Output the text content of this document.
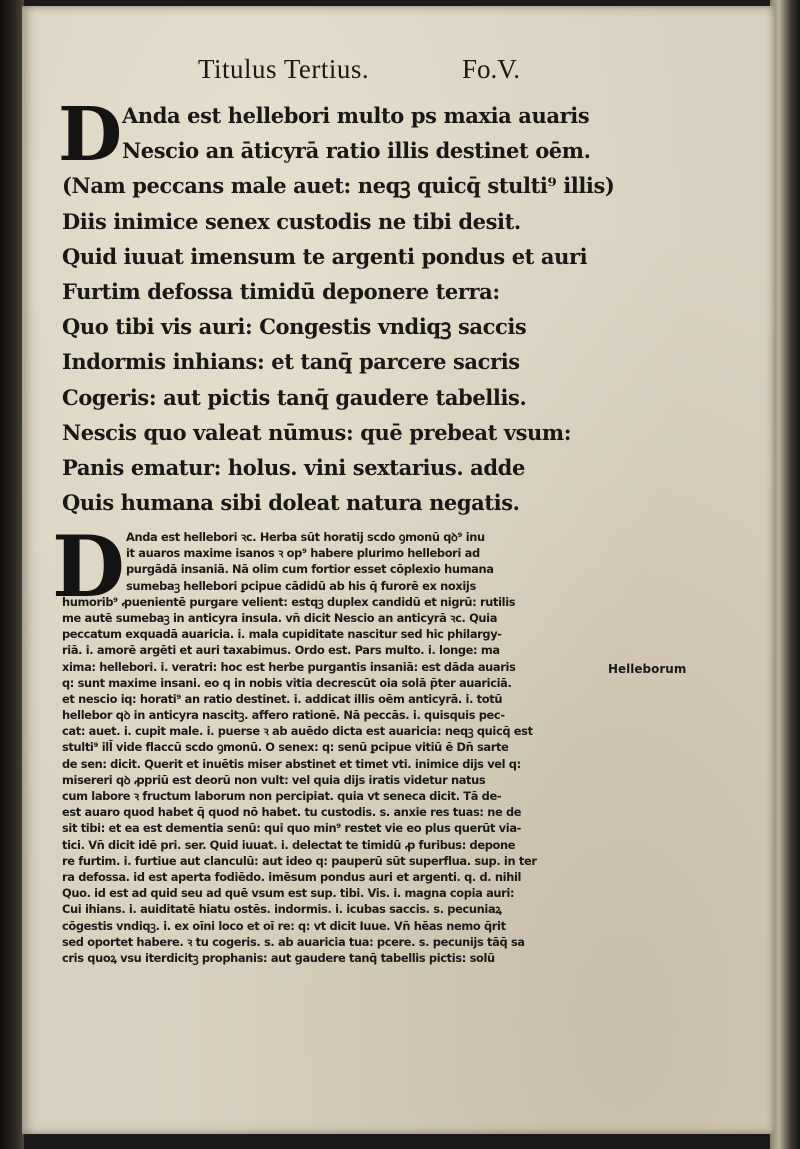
Titulus Tertius.	Fo.V.
D Anda est hellebori multo ps maxia auaris
Nescio an āticyrā ratio illis destinet oēm.
(Nam peccans male auet: neqꝫ quicq̄ stulti⁹ illis)
Diis inimice senex custodis ne tibi desit.
Quid iuuat imensum te argenti pondus et auri
Furtim defossa timidū deponere terra:
Quo tibi vis auri: Congestis vndiqꝫ saccis
Indormis inhians: et tanq̄ parcere sacris
Cogeris: aut pictis tanq̄ gaudere tabellis.
Nescis quo valeat nūmus: quē prebeat vsum:
Panis ematur: holus. vini sextarius. adde
Quis humana sibi doleat natura negatis.
D Anda est hellebori ꝛc. Herba sūt horatij scdo ꝯmonū qꝺ⁹ inu
it auaros maxime isanos ꝛ op⁹ habere plurimo hellebori ad
purgādā insaniā. Nā olim cum fortior esset cōplexio humana
sumebaꝫ hellebori ꝑcipue cādidū ab his q̄ furorē ex noxijs
humorib⁹ ꝓuenientē purgare velient: estqꝫ duplex candidū et nigrū: rutilis
me autē sumebaꝫ in anticyra insula. vn̄ dicit Nescio an anticyrā ꝛc. Quia
peccatum exquadā auaricia. i. mala cupiditate nascitur sed hic philargy-
riā. i. amorē argēti et auri taxabimus. Ordo est. Pars multo. i. longe: ma
xima: hellebori. i. veratri: hoc est herbe purgantis insaniā: est dāda auaris
q: sunt maxime insani. eo q in nobis vitia decrescūt oia solā p̄ter auariciā.
et nescio iq: horati⁹ an ratio destinet. i. addicat illis oēm anticyrā. i. totū
hellebor qꝺ in anticyra nascitꝫ. affero rationē. Nā peccās. i. quisquis pec-
cat: auet. i. cupit male. i. puerse ꝛ ab auēdo dicta est auaricia: neqꝫ quicq̄ est
stulti⁹ ill̄ vide flaccū scdo ꝯmonū. O senex: q: senū ꝑcipue vitiū ē Dn̄ sarte
de sen: dicit. Querit et inuētis miser abstinet et timet vti. inimice dijs vel q:
misereri qꝺ ꝓpriū est deorū non vult: vel quia dijs iratis videtur natus
cum labore ꝛ fructum laborum non percipiat. quia vt seneca dicit. Tā de-
est auaro quod habet q̄ quod nō habet. tu custodis. s. anxie res tuas: ne de
sit tibi: et ea est dementia senū: qui quo min⁹ restet vie eo plus querūt via-
tici. Vn̄ dicit idē pri. ser. Quid iuuat. i. delectat te timidū ꝓ furibus: depone
re furtim. i. furtiue aut clanculū: aut ideo q: pauperū sūt superflua. sup. in ter
ra defossa. id est aperta fodiēdo. imēsum pondus auri et argenti. q. d. nihil
Quo. id est ad quid seu ad quē vsum est sup. tibi. Vis. i. magna copia auri:
Cui ihians. i. auiditatē hiatu ostēs. indormis. i. icubas saccis. s. pecuniaꝝ
cōgestis vndiqꝫ. i. ex oīni loco et oī re: q: vt dicit Iuue. Vn̄ hēas nemo q̄rit
sed oportet habere. ꝛ tu cogeris. s. ab auaricia tua: pcere. s. pecunijs tāq̄ sa
cris quoꝝ vsu iterdicitꝫ prophanis: aut gaudere tanq̄ tabellis pictis: solū
Helleborum
